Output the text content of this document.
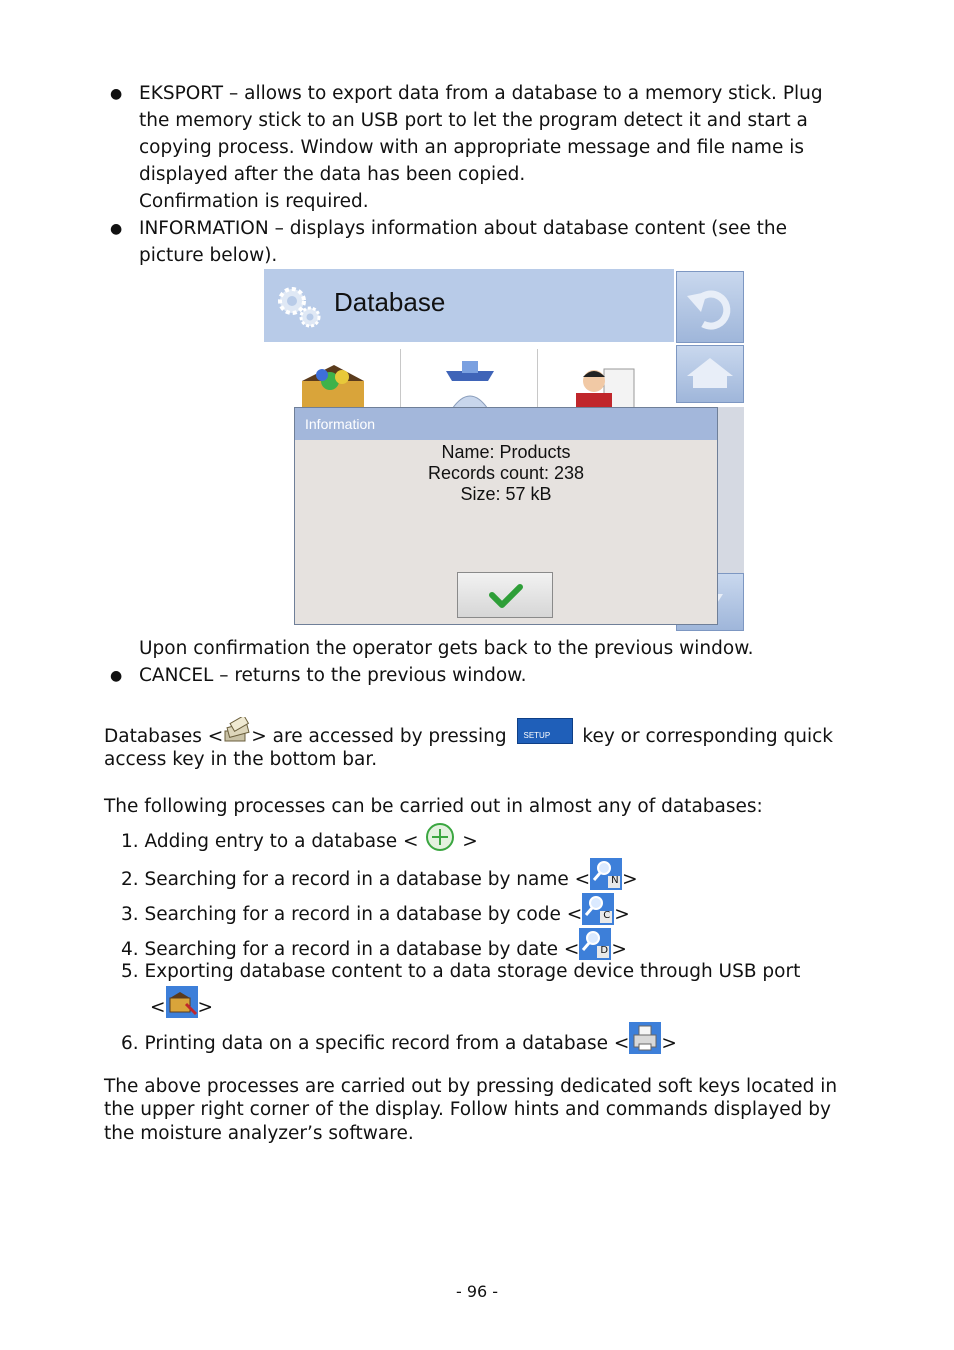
● EKSPORT – allows to export data from a database to a memory stick. Plug
the memory stick to an USB port to let the program detect it and start a
copying process. Window with an appropriate message and file name is
displayed after the data has been copied.
Confirmation is required.
● INFORMATION – displays information about database content (see the
picture below).
Database
Information
Name: Products
Records count: 238
Size: 57 kB
Upon confirmation the operator gets back to the previous window.
● CANCEL – returns to the previous window.
Databases < > are accessed by pressing SETUP key or corresponding quick
access key in the bottom bar.
The following processes can be carried out in almost any of databases:
1. Adding entry to a database < >
2. Searching for a record in a database by name < N >
3. Searching for a record in a database by code < C >
4. Searching for a record in a database by date < D >
5. Exporting database content to a data storage device through USB port
< >
6. Printing data on a specific record from a database < >
The above processes are carried out by pressing dedicated soft keys located in
the upper right corner of the display. Follow hints and commands displayed by
the moisture analyzer’s software.
- 96 -
